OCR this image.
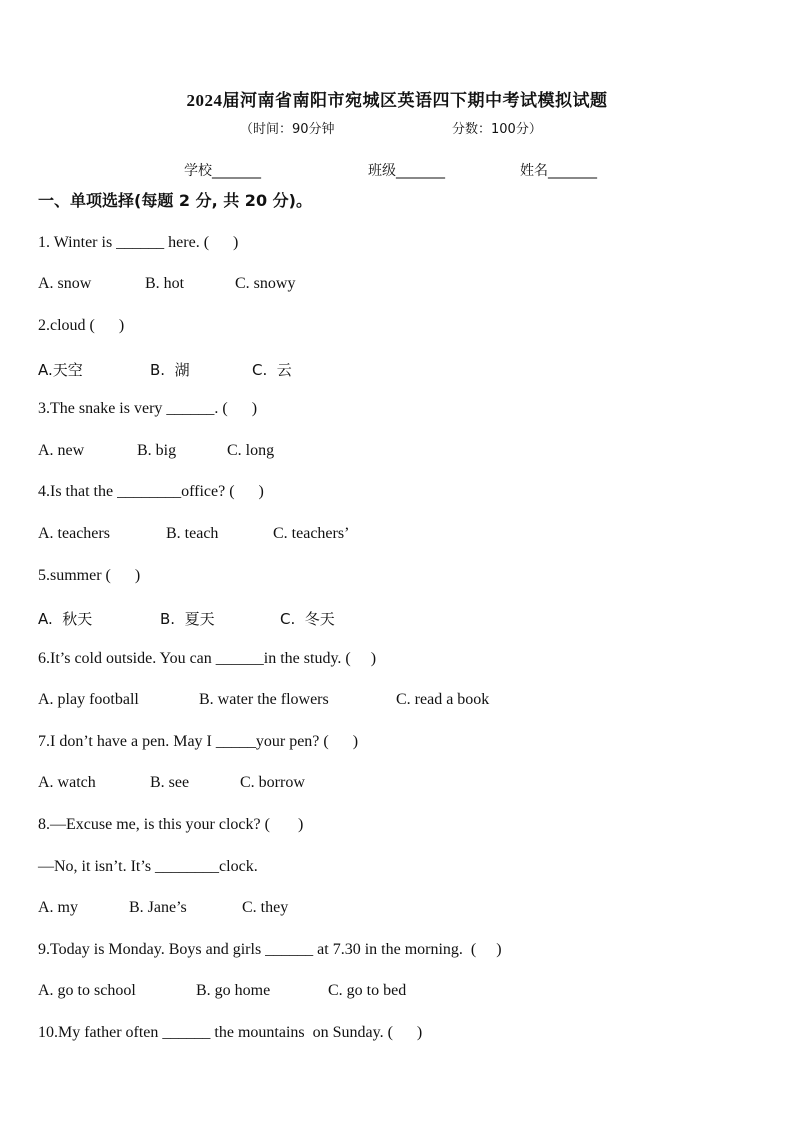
2024届河南省南阳市宛城区英语四下期中考试模拟试题
（时间：90分钟	分数：100分）
学校_______	班级_______	姓名_______
一、单项选择(每题 2 分, 共 20 分)。
1. Winter is ______ here. (      )
A. snow	B. hot	C. snowy
2.cloud (      )
A.天空	B.  湖	C.  云
3.The snake is very ______. (      )
A. new	B. big	C. long
4.Is that the ________office? (      )
A. teachers	B. teach	C. teachers’
5.summer (      )
A.  秋天	B.  夏天	C.  冬天
6.It’s cold outside. You can ______in the study. (     )
A. play football	B. water the flowers	C. read a book
7.I don’t have a pen. May I _____your pen? (      )
A. watch	B. see	C. borrow
8.—Excuse me, is this your clock? (       )
—No, it isn’t. It’s ________clock.
A. my	B. Jane’s	C. they
9.Today is Monday. Boys and girls ______ at 7.30 in the morning.  (     )
A. go to school	B. go home	C. go to bed
10.My father often ______ the mountains  on Sunday. (      )
